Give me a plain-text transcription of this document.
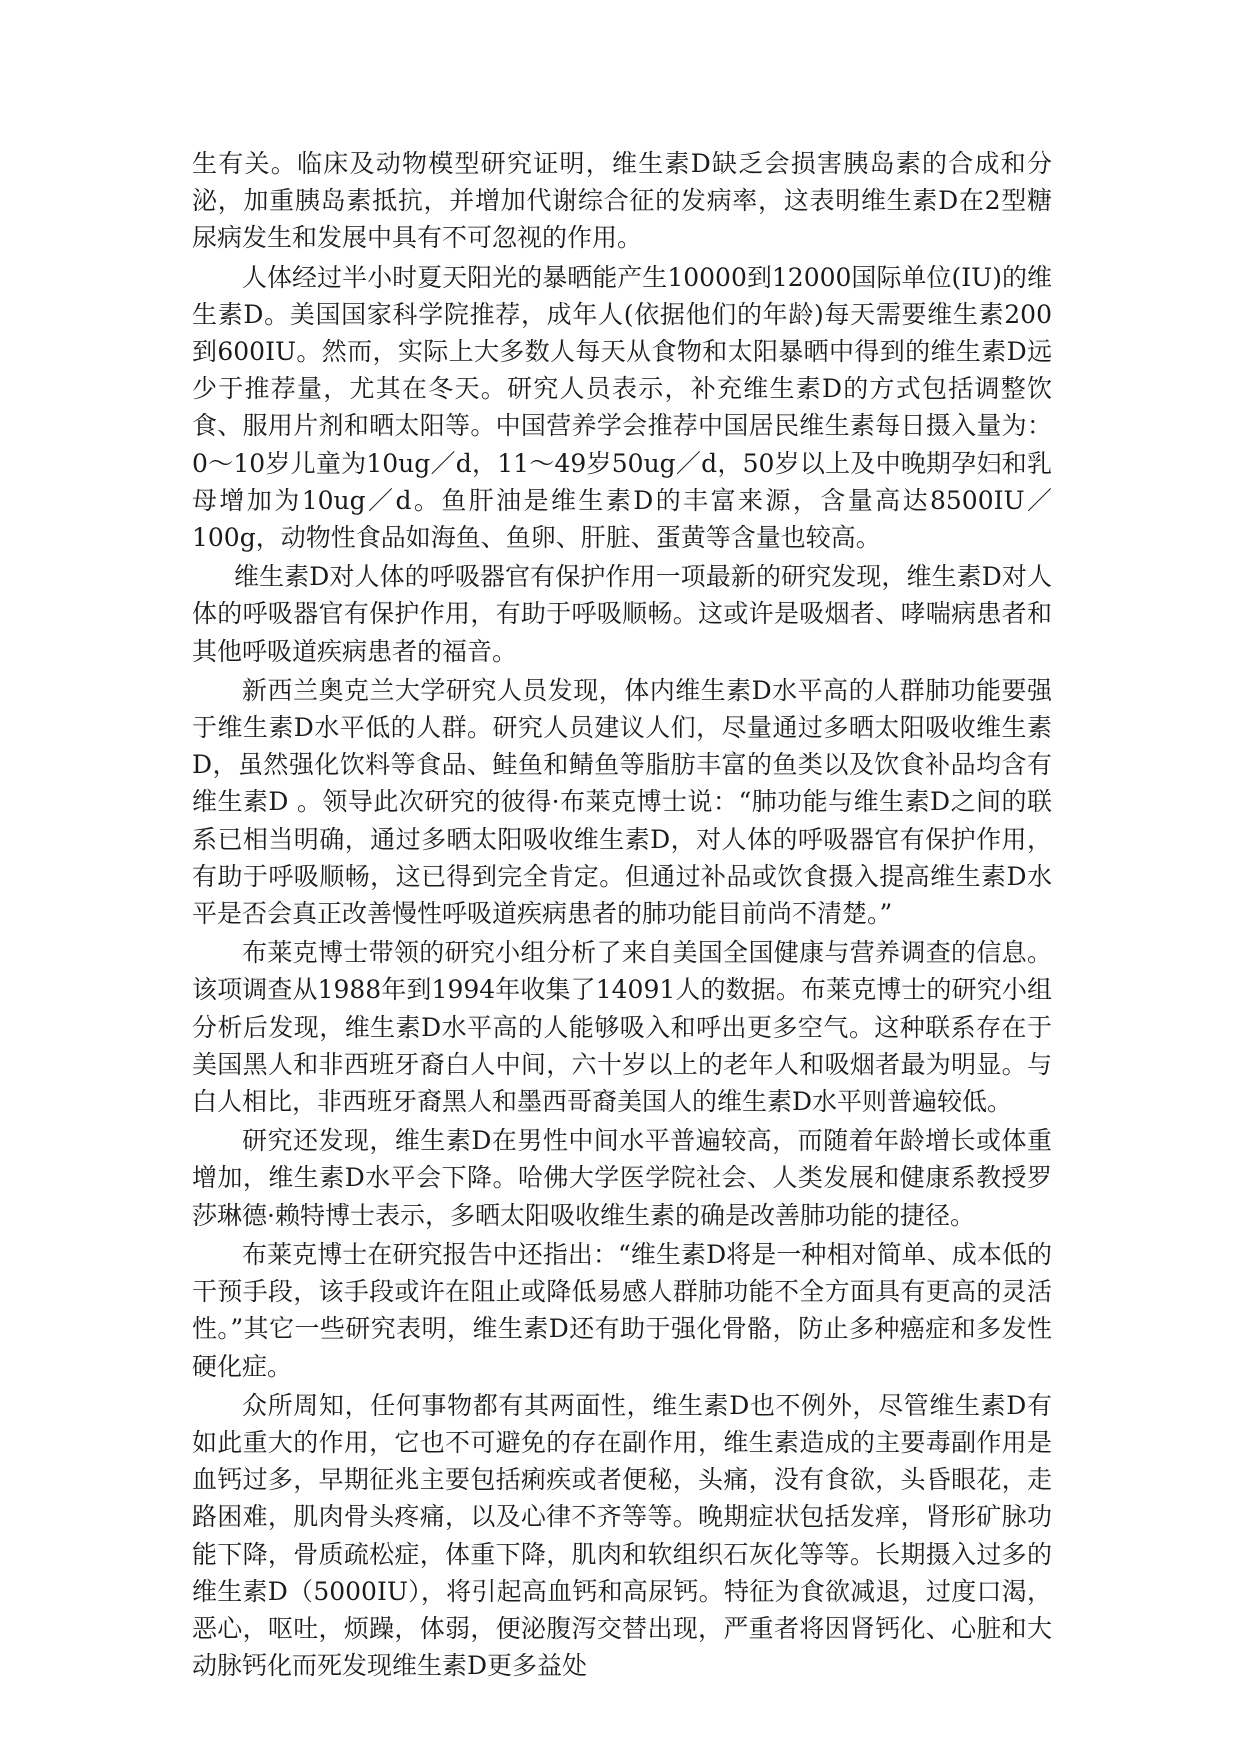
生有关。临床及动物模型研究证明，维生素D缺乏会损害胰岛素的合成和分泌，加重胰岛素抵抗，并增加代谢综合征的发病率，这表明维生素D在2型糖尿病发生和发展中具有不可忽视的作用。

人体经过半小时夏天阳光的暴晒能产生10000到12000国际单位(IU)的维生素D。美国国家科学院推荐，成年人(依据他们的年龄)每天需要维生素200到600IU。然而，实际上大多数人每天从食物和太阳暴晒中得到的维生素D远少于推荐量，尤其在冬天。研究人员表示，补充维生素D的方式包括调整饮食、服用片剂和晒太阳等。中国营养学会推荐中国居民维生素每日摄入量为：0～10岁儿童为10ug／d，11～49岁50ug／d，50岁以上及中晚期孕妇和乳母增加为10ug／d。鱼肝油是维生素D的丰富来源，含量高达8500IU／100g，动物性食品如海鱼、鱼卵、肝脏、蛋黄等含量也较高。

维生素D对人体的呼吸器官有保护作用一项最新的研究发现，维生素D对人体的呼吸器官有保护作用，有助于呼吸顺畅。这或许是吸烟者、哮喘病患者和其他呼吸道疾病患者的福音。

新西兰奥克兰大学研究人员发现，体内维生素D水平高的人群肺功能要强于维生素D水平低的人群。研究人员建议人们，尽量通过多晒太阳吸收维生素D，虽然强化饮料等食品、鲑鱼和鲭鱼等脂肪丰富的鱼类以及饮食补品均含有维生素D 。领导此次研究的彼得·布莱克博士说：“肺功能与维生素D之间的联系已相当明确，通过多晒太阳吸收维生素D，对人体的呼吸器官有保护作用，有助于呼吸顺畅，这已得到完全肯定。但通过补品或饮食摄入提高维生素D水平是否会真正改善慢性呼吸道疾病患者的肺功能目前尚不清楚。”

布莱克博士带领的研究小组分析了来自美国全国健康与营养调查的信息。该项调查从1988年到1994年收集了14091人的数据。布莱克博士的研究小组分析后发现，维生素D水平高的人能够吸入和呼出更多空气。这种联系存在于美国黑人和非西班牙裔白人中间，六十岁以上的老年人和吸烟者最为明显。与白人相比，非西班牙裔黑人和墨西哥裔美国人的维生素D水平则普遍较低。

研究还发现，维生素D在男性中间水平普遍较高，而随着年龄增长或体重增加，维生素D水平会下降。哈佛大学医学院社会、人类发展和健康系教授罗莎琳德·赖特博士表示，多晒太阳吸收维生素的确是改善肺功能的捷径。

布莱克博士在研究报告中还指出：“维生素D将是一种相对简单、成本低的干预手段，该手段或许在阻止或降低易感人群肺功能不全方面具有更高的灵活性。”其它一些研究表明，维生素D还有助于强化骨骼，防止多种癌症和多发性硬化症。

众所周知，任何事物都有其两面性，维生素D也不例外，尽管维生素D有如此重大的作用，它也不可避免的存在副作用，维生素造成的主要毒副作用是血钙过多，早期征兆主要包括痢疾或者便秘，头痛，没有食欲，头昏眼花，走路困难，肌肉骨头疼痛，以及心律不齐等等。晚期症状包括发痒，肾形矿脉功能下降，骨质疏松症，体重下降，肌肉和软组织石灰化等等。长期摄入过多的维生素D（5000IU），将引起高血钙和高尿钙。特征为食欲减退，过度口渴，恶心，呕吐，烦躁，体弱，便泌腹泻交替出现，严重者将因肾钙化、心脏和大动脉钙化而死发现维生素D更多益处
